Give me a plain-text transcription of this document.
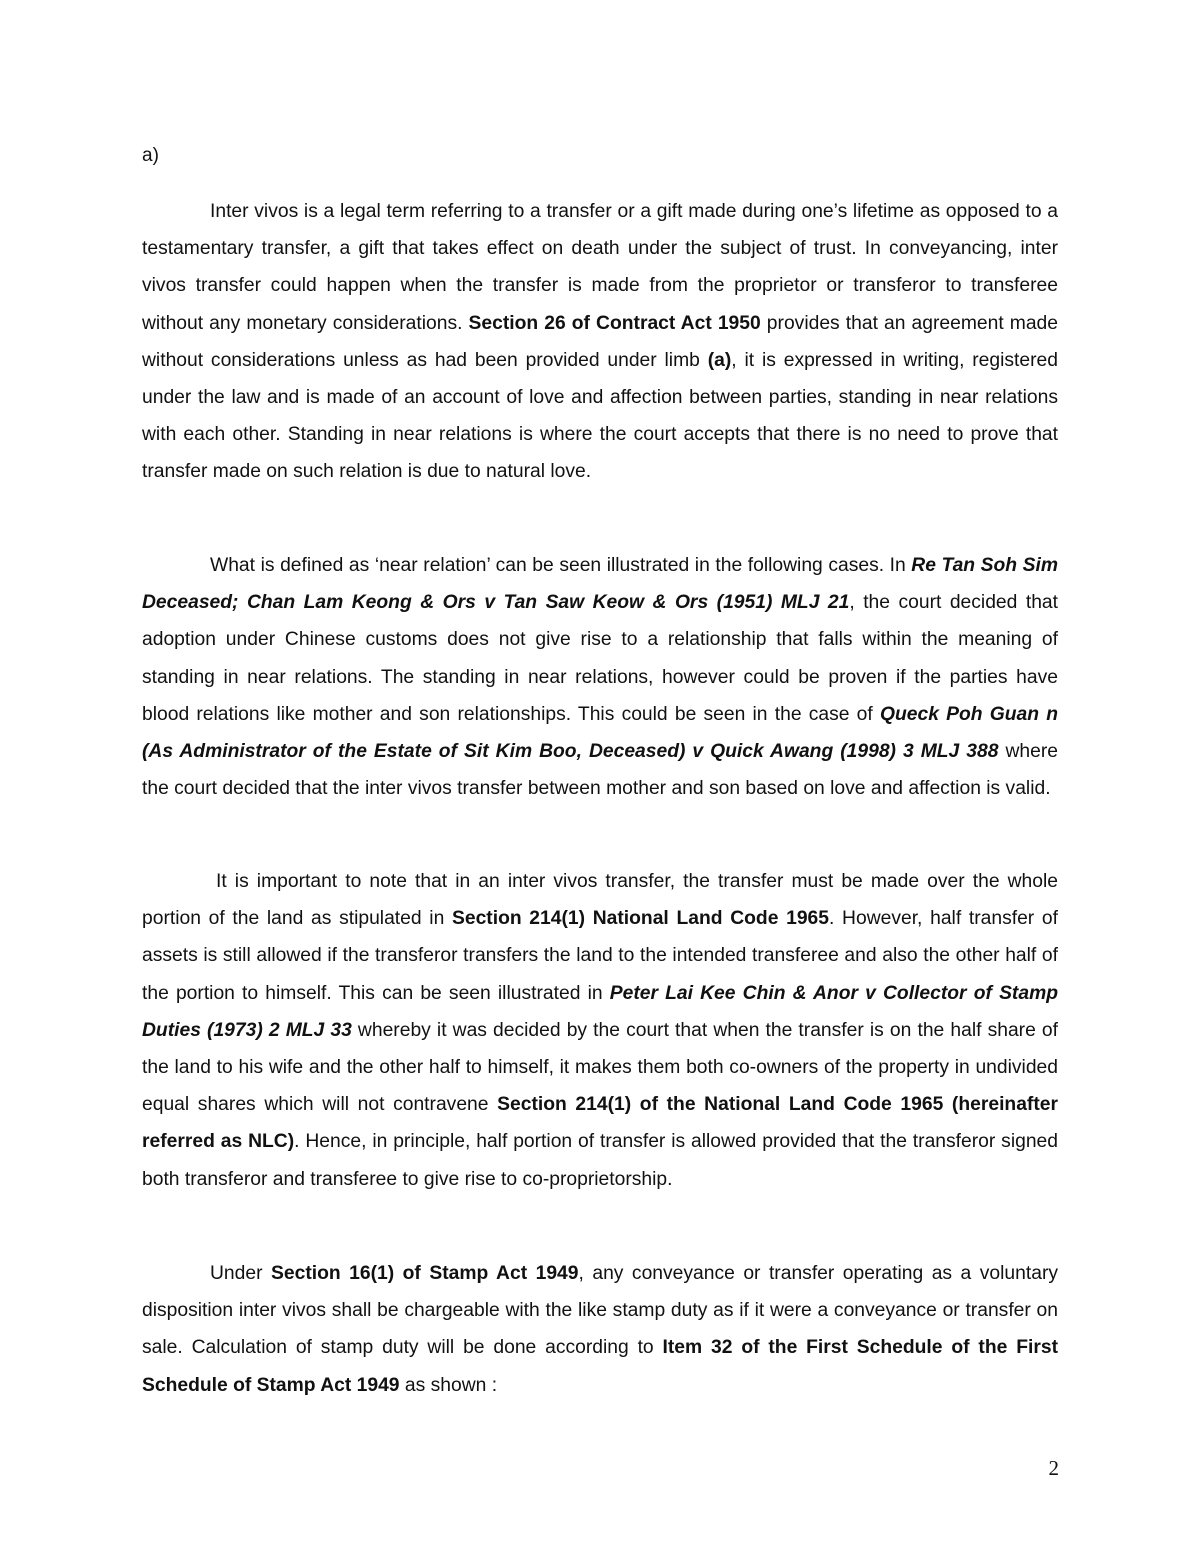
a)

Inter vivos is a legal term referring to a transfer or a gift made during one’s lifetime as opposed to a testamentary transfer, a gift that takes effect on death under the subject of trust. In conveyancing, inter vivos transfer could happen when the transfer is made from the proprietor or transferor to transferee without any monetary considerations. Section 26 of Contract Act 1950 provides that an agreement made without considerations unless as had been provided under limb (a), it is expressed in writing, registered under the law and is made of an account of love and affection between parties, standing in near relations with each other. Standing in near relations is where the court accepts that there is no need to prove that transfer made on such relation is due to natural love.

What is defined as ‘near relation’ can be seen illustrated in the following cases. In Re Tan Soh Sim Deceased; Chan Lam Keong & Ors v Tan Saw Keow & Ors (1951) MLJ 21, the court decided that adoption under Chinese customs does not give rise to a relationship that falls within the meaning of standing in near relations. The standing in near relations, however could be proven if the parties have blood relations like mother and son relationships. This could be seen in the case of Queck Poh Guan n (As Administrator of the Estate of Sit Kim Boo, Deceased) v Quick Awang (1998) 3 MLJ 388 where the court decided that the inter vivos transfer between mother and son based on love and affection is valid.

It is important to note that in an inter vivos transfer, the transfer must be made over the whole portion of the land as stipulated in Section 214(1) National Land Code 1965. However, half transfer of assets is still allowed if the transferor transfers the land to the intended transferee and also the other half of the portion to himself. This can be seen illustrated in Peter Lai Kee Chin & Anor v Collector of Stamp Duties (1973) 2 MLJ 33 whereby it was decided by the court that when the transfer is on the half share of the land to his wife and the other half to himself, it makes them both co-owners of the property in undivided equal shares which will not contravene Section 214(1) of the National Land Code 1965 (hereinafter referred as NLC). Hence, in principle, half portion of transfer is allowed provided that the transferor signed both transferor and transferee to give rise to co-proprietorship.

Under Section 16(1) of Stamp Act 1949, any conveyance or transfer operating as a voluntary disposition inter vivos shall be chargeable with the like stamp duty as if it were a conveyance or transfer on sale. Calculation of stamp duty will be done according to Item 32 of the First Schedule of the First Schedule of Stamp Act 1949 as shown :

2
